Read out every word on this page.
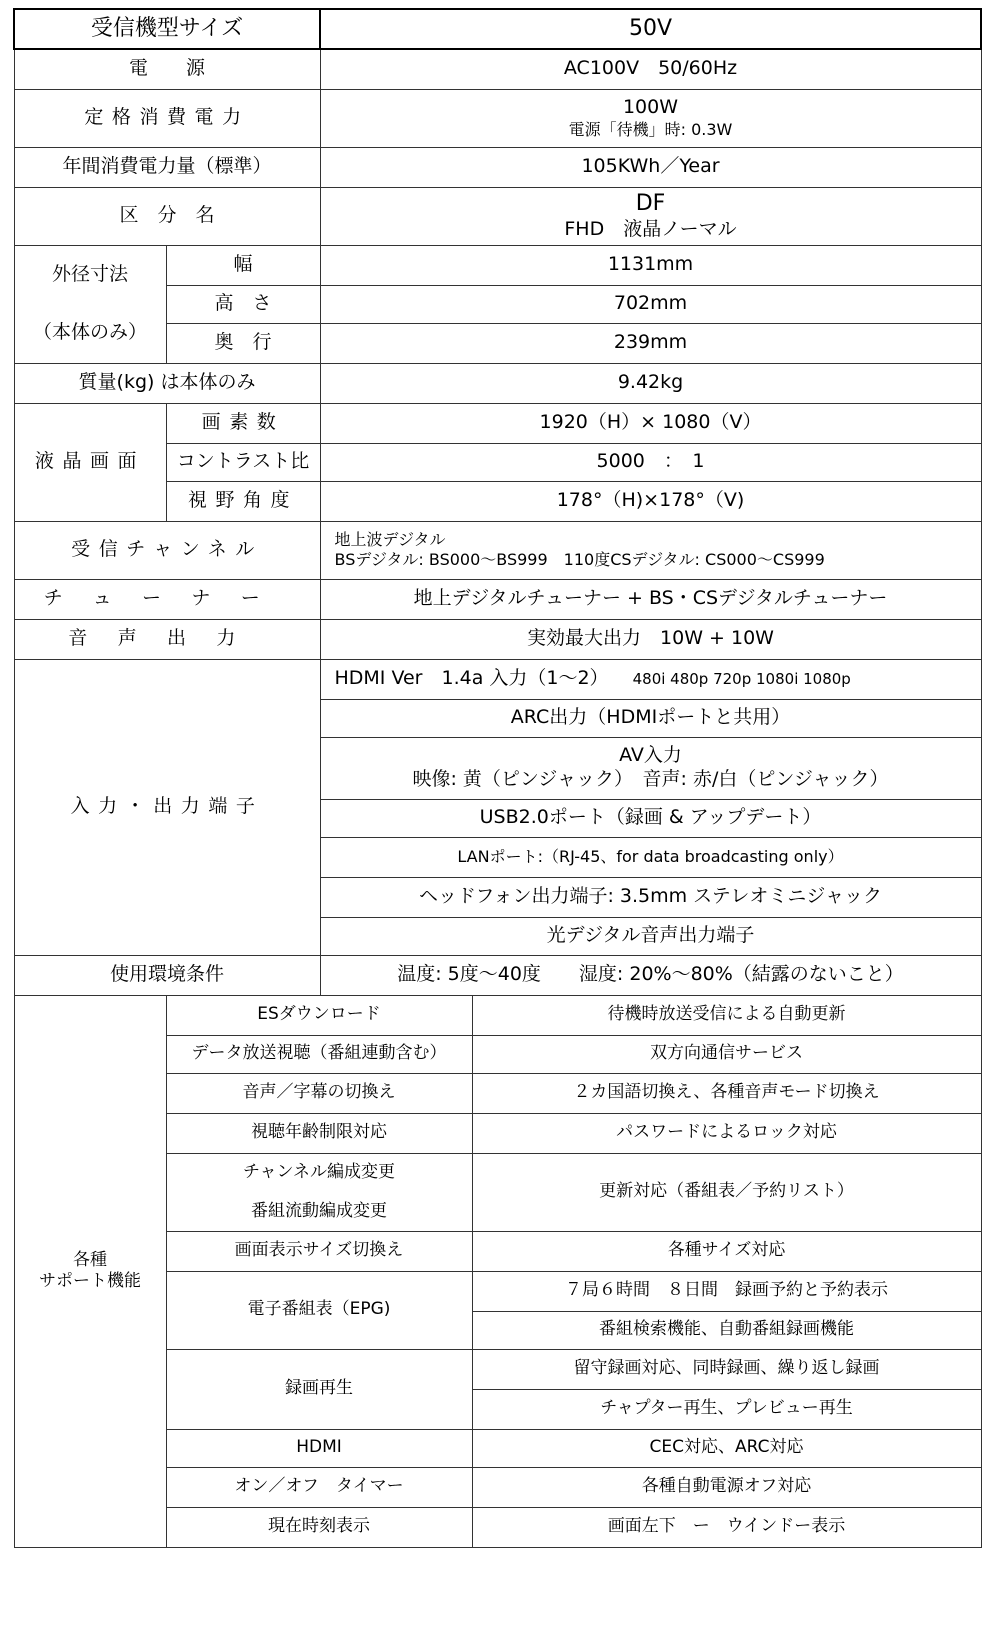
受信機型サイズ		50V	
電　　源		AC100V　50/60Hz	
定格消費電力		100W
電源「待機」時: 0.3W	

年間消費電力量（標準）		105KWh／Year	
区　分　名		DF
FHD　液晶ノーマル	

外径寸法
（本体のみ）	幅	1131mm	
	高　さ	702mm	
	奥　行	239mm	
質量(kg) は本体のみ		9.42kg	
液晶画面	画素数	1920（H）× 1080（V）	
	コントラスト比	5000　：　1	
	視野角度	178°（H)×178°（V)	
受信チャンネル		地上波デジタル
BSデジタル: BS000〜BS999　110度CSデジタル: CS000〜CS999	

チューナー		地上デジタルチューナー + BS・CSデジタルチューナー	
音声出力		実効最大出力　10W + 10W	
入力・出力端子		HDMI Ver　1.4a 入力（1〜2） 480i 480p 720p 1080i 1080p	
		ARC出力（HDMIポートと共用）	

		AV入力
映像: 黄（ピンジャック）　音声: 赤/白（ピンジャック）	

		USB2.0ポート（録画 & アップデート）	
		LANポート:（RJ-45、for data broadcasting only）	
		ヘッドフォン出力端子: 3.5mm ステレオミニジャック	
		光デジタル音声出力端子	
使用環境条件		温度: 5度〜40度　　湿度: 20%〜80%（結露のないこと）	

各種
サポート機能	ESダウンロード		待機時放送受信による自動更新
	データ放送視聴（番組連動含む）		双方向通信サービス
	音声／字幕の切換え		２カ国語切換え、各種音声モード切換え
	視聴年齢制限対応		パスワードによるロック対応

	チャンネル編成変更
番組流動編成変更		更新対応（番組表／予約リスト）

	画面表示サイズ切換え		各種サイズ対応
	電子番組表（EPG)		７局６時間　８日間　録画予約と予約表示
			番組検索機能、自動番組録画機能
	録画再生		留守録画対応、同時録画、繰り返し録画
			チャプター再生、プレビュー再生
	HDMI		CEC対応、ARC対応
	オン／オフ　タイマー		各種自動電源オフ対応
	現在時刻表示		画面左下　ー　ウインドー表示
